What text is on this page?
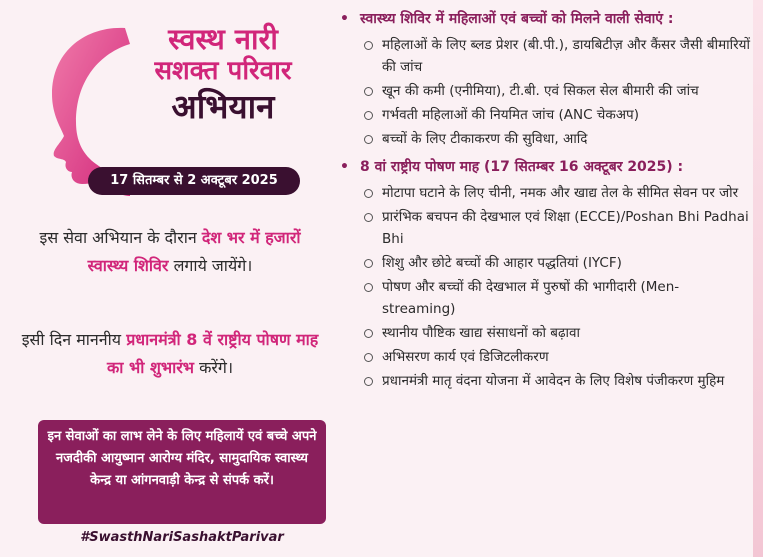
स्वस्थ नारी
सशक्त परिवार
अभियान
17 सितम्बर से 2 अक्टूबर 2025
इस सेवा अभियान के दौरान देश भर में हजारों स्वास्थ्य शिविर लगाये जायेंगे।
इसी दिन माननीय प्रधानमंत्री 8 वें राष्ट्रीय पोषण माह का भी शुभारंभ करेंगे।
इन सेवाओं का लाभ लेने के लिए महिलायें एवं बच्चे अपने नजदीकी आयुष्मान आरोग्य मंदिर, सामुदायिक स्वास्थ्य केन्द्र या आंगनवाड़ी केन्द्र से संपर्क करें।
#SwasthNariSashaktParivar
• स्वास्थ्य शिविर में महिलाओं एवं बच्चों को मिलने वाली सेवाएं :
महिलाओं के लिए ब्लड प्रेशर (बी.पी.), डायबिटीज़ और कैंसर जैसी बीमारियों की जांच
खून की कमी (एनीमिया), टी.बी. एवं सिकल सेल बीमारी की जांच
गर्भवती महिलाओं की नियमित जांच (ANC चेकअप)
बच्चों के लिए टीकाकरण की सुविधा, आदि
• 8 वां राष्ट्रीय पोषण माह (17 सितम्बर 16 अक्टूबर 2025) :
मोटापा घटाने के लिए चीनी, नमक और खाद्य तेल के सीमित सेवन पर जोर
प्रारंभिक बचपन की देखभाल एवं शिक्षा (ECCE)/Poshan Bhi Padhai Bhi
शिशु और छोटे बच्चों की आहार पद्धतियां (IYCF)
पोषण और बच्चों की देखभाल में पुरुषों की भागीदारी (Men-streaming)
स्थानीय पौष्टिक खाद्य संसाधनों को बढ़ावा
अभिसरण कार्य एवं डिजिटलीकरण
प्रधानमंत्री मातृ वंदना योजना में आवेदन के लिए विशेष पंजीकरण मुहिम
